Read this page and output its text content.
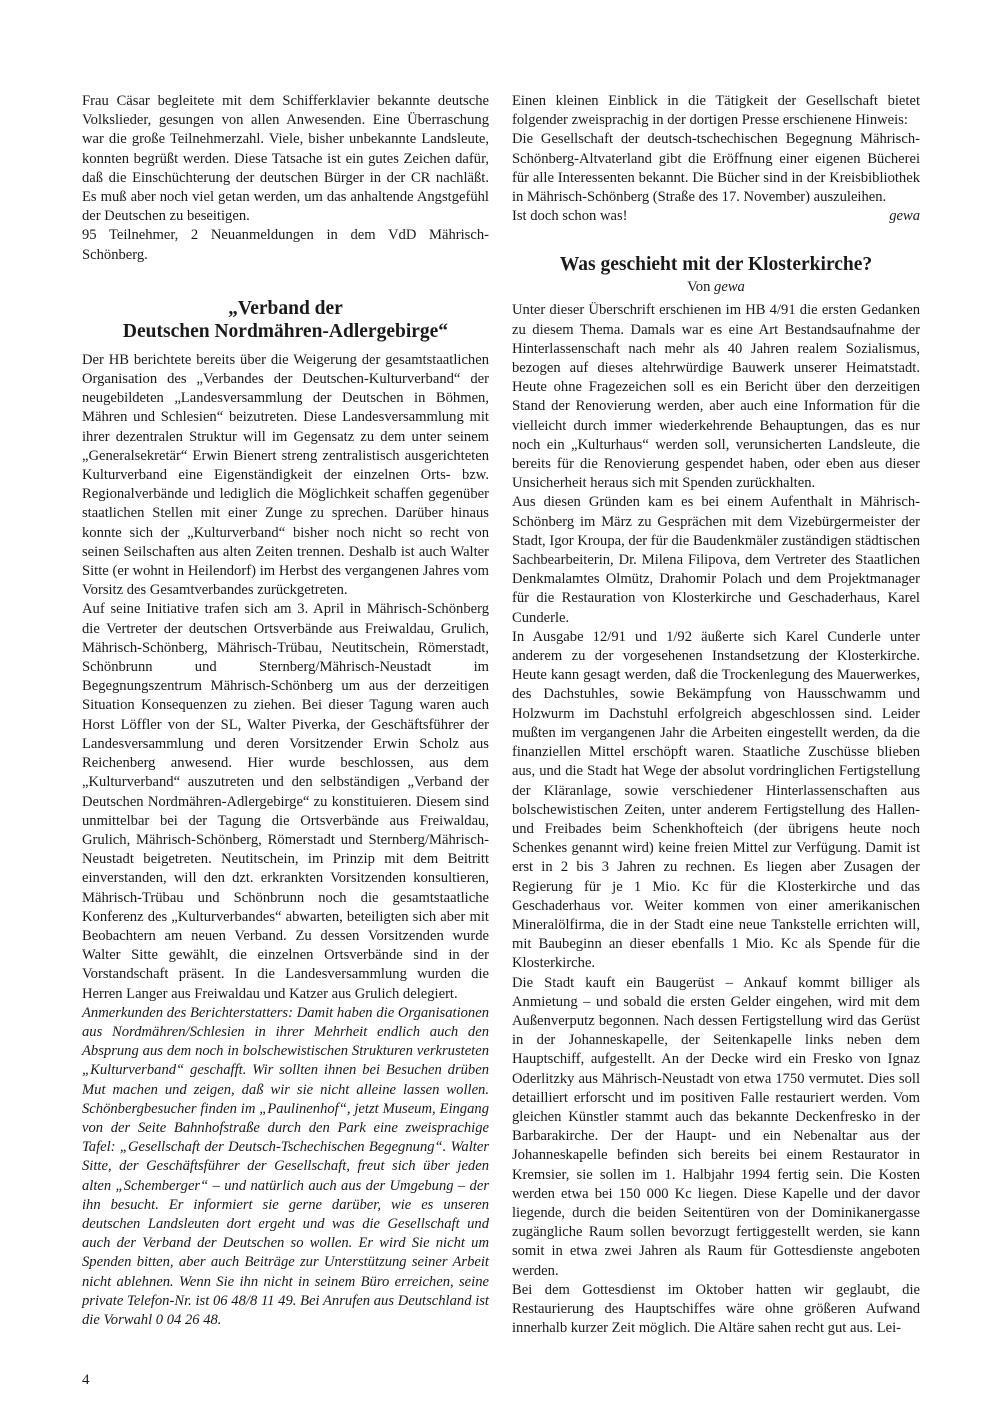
Frau Cäsar begleitete mit dem Schifferklavier bekannte deutsche Volkslieder, gesungen von allen Anwesenden. Eine Überraschung war die große Teilnehmerzahl. Viele, bisher unbekannte Landsleute, konnten begrüßt werden. Diese Tatsache ist ein gutes Zeichen dafür, daß die Einschüchterung der deutschen Bürger in der CR nachläßt. Es muß aber noch viel getan werden, um das anhaltende Angstgefühl der Deutschen zu beseitigen.

95 Teilnehmer, 2 Neuanmeldungen in dem VdD Mährisch-Schönberg.

„Verband der
Deutschen Nordmähren-Adlergebirge“

Der HB berichtete bereits über die Weigerung der gesamtstaatlichen Organisation des „Verbandes der Deutschen-Kulturverband“ der neugebildeten „Landesversammlung der Deutschen in Böhmen, Mähren und Schlesien“ beizutreten. Diese Landesversammlung mit ihrer dezentralen Struktur will im Gegensatz zu dem unter seinem „Generalsekretär“ Erwin Bienert streng zentralistisch ausgerichteten Kulturverband eine Eigenständigkeit der einzelnen Orts- bzw. Regionalverbände und lediglich die Möglichkeit schaffen gegenüber staatlichen Stellen mit einer Zunge zu sprechen. Darüber hinaus konnte sich der „Kulturverband“ bisher noch nicht so recht von seinen Seilschaften aus alten Zeiten trennen. Deshalb ist auch Walter Sitte (er wohnt in Heilendorf) im Herbst des vergangenen Jahres vom Vorsitz des Gesamtverbandes zurückgetreten.

Auf seine Initiative trafen sich am 3. April in Mährisch-Schönberg die Vertreter der deutschen Ortsverbände aus Freiwaldau, Grulich, Mährisch-Schönberg, Mährisch-Trübau, Neutitschein, Römerstadt, Schönbrunn und Sternberg/Mährisch-Neustadt im Begegnungszentrum Mährisch-Schönberg um aus der derzeitigen Situation Konsequenzen zu ziehen. Bei dieser Tagung waren auch Horst Löffler von der SL, Walter Piverka, der Geschäftsführer der Landesversammlung und deren Vorsitzender Erwin Scholz aus Reichenberg anwesend. Hier wurde beschlossen, aus dem „Kulturverband“ auszutreten und den selbständigen „Verband der Deutschen Nordmähren-Adlergebirge“ zu konstituieren. Diesem sind unmittelbar bei der Tagung die Ortsverbände aus Freiwaldau, Grulich, Mährisch-Schönberg, Römerstadt und Sternberg/Mährisch-Neustadt beigetreten. Neutitschein, im Prinzip mit dem Beitritt einverstanden, will den dzt. erkrankten Vorsitzenden konsultieren, Mährisch-Trübau und Schönbrunn noch die gesamtstaatliche Konferenz des „Kulturverbandes“ abwarten, beteiligten sich aber mit Beobachtern am neuen Verband. Zu dessen Vorsitzenden wurde Walter Sitte gewählt, die einzelnen Ortsverbände sind in der Vorstandschaft präsent. In die Landesversammlung wurden die Herren Langer aus Freiwaldau und Katzer aus Grulich delegiert.

Anmerkunden des Berichterstatters: Damit haben die Organisationen aus Nordmähren/Schlesien in ihrer Mehrheit endlich auch den Absprung aus dem noch in bolschewistischen Strukturen verkrusteten „Kulturverband“ geschafft. Wir sollten ihnen bei Besuchen drüben Mut machen und zeigen, daß wir sie nicht alleine lassen wollen. Schönbergbesucher finden im „Paulinenhof“, jetzt Museum, Eingang von der Seite Bahnhofstraße durch den Park eine zweisprachige Tafel: „Gesellschaft der Deutsch-Tschechischen Begegnung“. Walter Sitte, der Geschäftsführer der Gesellschaft, freut sich über jeden alten „Schemberger“ – und natürlich auch aus der Umgebung – der ihn besucht. Er informiert sie gerne darüber, wie es unseren deutschen Landsleuten dort ergeht und was die Gesellschaft und auch der Verband der Deutschen so wollen. Er wird Sie nicht um Spenden bitten, aber auch Beiträge zur Unterstützung seiner Arbeit nicht ablehnen. Wenn Sie ihn nicht in seinem Büro erreichen, seine private Telefon-Nr. ist 06 48/8 11 49. Bei Anrufen aus Deutschland ist die Vorwahl 0 04 26 48.

Einen kleinen Einblick in die Tätigkeit der Gesellschaft bietet folgender zweisprachig in der dortigen Presse erschienene Hinweis:

Die Gesellschaft der deutsch-tschechischen Begegnung Mährisch-Schönberg-Altvaterland gibt die Eröffnung einer eigenen Bücherei für alle Interessenten bekannt. Die Bücher sind in der Kreisbibliothek in Mährisch-Schönberg (Straße des 17. November) auszuleihen.

Ist doch schon was!	gewa

Was geschieht mit der Klosterkirche?
Von gewa

Unter dieser Überschrift erschienen im HB 4/91 die ersten Gedanken zu diesem Thema. Damals war es eine Art Bestandsaufnahme der Hinterlassenschaft nach mehr als 40 Jahren realem Sozialismus, bezogen auf dieses altehrwürdige Bauwerk unserer Heimatstadt. Heute ohne Fragezeichen soll es ein Bericht über den derzeitigen Stand der Renovierung werden, aber auch eine Information für die vielleicht durch immer wiederkehrende Behauptungen, das es nur noch ein „Kulturhaus“ werden soll, verunsicherten Landsleute, die bereits für die Renovierung gespendet haben, oder eben aus dieser Unsicherheit heraus sich mit Spenden zurückhalten.

Aus diesen Gründen kam es bei einem Aufenthalt in Mährisch-Schönberg im März zu Gesprächen mit dem Vizebürgermeister der Stadt, Igor Kroupa, der für die Baudenkmäler zuständigen städtischen Sachbearbeiterin, Dr. Milena Filipova, dem Vertreter des Staatlichen Denkmalamtes Olmütz, Drahomir Polach und dem Projektmanager für die Restauration von Klosterkirche und Geschaderhaus, Karel Cunderle.

In Ausgabe 12/91 und 1/92 äußerte sich Karel Cunderle unter anderem zu der vorgesehenen Instandsetzung der Klosterkirche. Heute kann gesagt werden, daß die Trockenlegung des Mauerwerkes, des Dachstuhles, sowie Bekämpfung von Hausschwamm und Holzwurm im Dachstuhl erfolgreich abgeschlossen sind. Leider mußten im vergangenen Jahr die Arbeiten eingestellt werden, da die finanziellen Mittel erschöpft waren. Staatliche Zuschüsse blieben aus, und die Stadt hat Wege der absolut vordringlichen Fertigstellung der Kläranlage, sowie verschiedener Hinterlassenschaften aus bolschewistischen Zeiten, unter anderem Fertigstellung des Hallen- und Freibades beim Schenkhofteich (der übrigens heute noch Schenkes genannt wird) keine freien Mittel zur Verfügung. Damit ist erst in 2 bis 3 Jahren zu rechnen. Es liegen aber Zusagen der Regierung für je 1 Mio. Kc für die Klosterkirche und das Geschaderhaus vor. Weiter kommen von einer amerikanischen Mineralölfirma, die in der Stadt eine neue Tankstelle errichten will, mit Baubeginn an dieser ebenfalls 1 Mio. Kc als Spende für die Klosterkirche.

Die Stadt kauft ein Baugerüst – Ankauf kommt billiger als Anmietung – und sobald die ersten Gelder eingehen, wird mit dem Außenverputz begonnen. Nach dessen Fertigstellung wird das Gerüst in der Johanneskapelle, der Seitenkapelle links neben dem Hauptschiff, aufgestellt. An der Decke wird ein Fresko von Ignaz Oderlitzky aus Mährisch-Neustadt von etwa 1750 vermutet. Dies soll detailliert erforscht und im positiven Falle restauriert werden. Vom gleichen Künstler stammt auch das bekannte Deckenfresko in der Barbarakirche. Der der Haupt- und ein Nebenaltar aus der Johanneskapelle befinden sich bereits bei einem Restaurator in Kremsier, sie sollen im 1. Halbjahr 1994 fertig sein. Die Kosten werden etwa bei 150 000 Kc liegen. Diese Kapelle und der davor liegende, durch die beiden Seitentüren von der Dominikanergasse zugängliche Raum sollen bevorzugt fertiggestellt werden, sie kann somit in etwa zwei Jahren als Raum für Gottesdienste angeboten werden.

Bei dem Gottesdienst im Oktober hatten wir geglaubt, die Restaurierung des Hauptschiffes wäre ohne größeren Aufwand innerhalb kurzer Zeit möglich. Die Altäre sahen recht gut aus. Lei-

4
